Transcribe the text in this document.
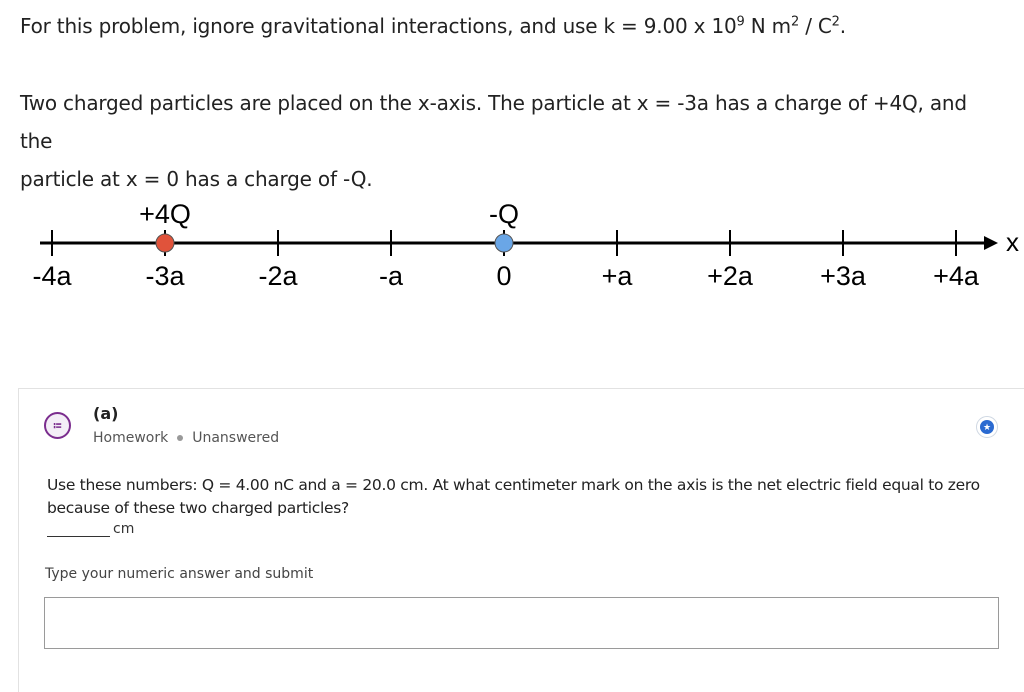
For this problem, ignore gravitational interactions, and use k = 9.00 x $10^9$ N $m^2 / C^2$.
Two charged particles are placed on the x-axis. The particle at x = -3a has a charge of +4Q, and the
particle at x = 0 has a charge of -Q.
x
-4a	-3a	-2a	-a	0	+a	+2a +3a +4a
+4Q	-Q
≔
(a)
Homework Unanswered
★
Use these numbers: Q = 4.00 nC and a = 20.0 cm. At what centimeter mark on the axis is the net electric field equal to zero because of these two charged particles?
cm
Type your numeric answer and submit
